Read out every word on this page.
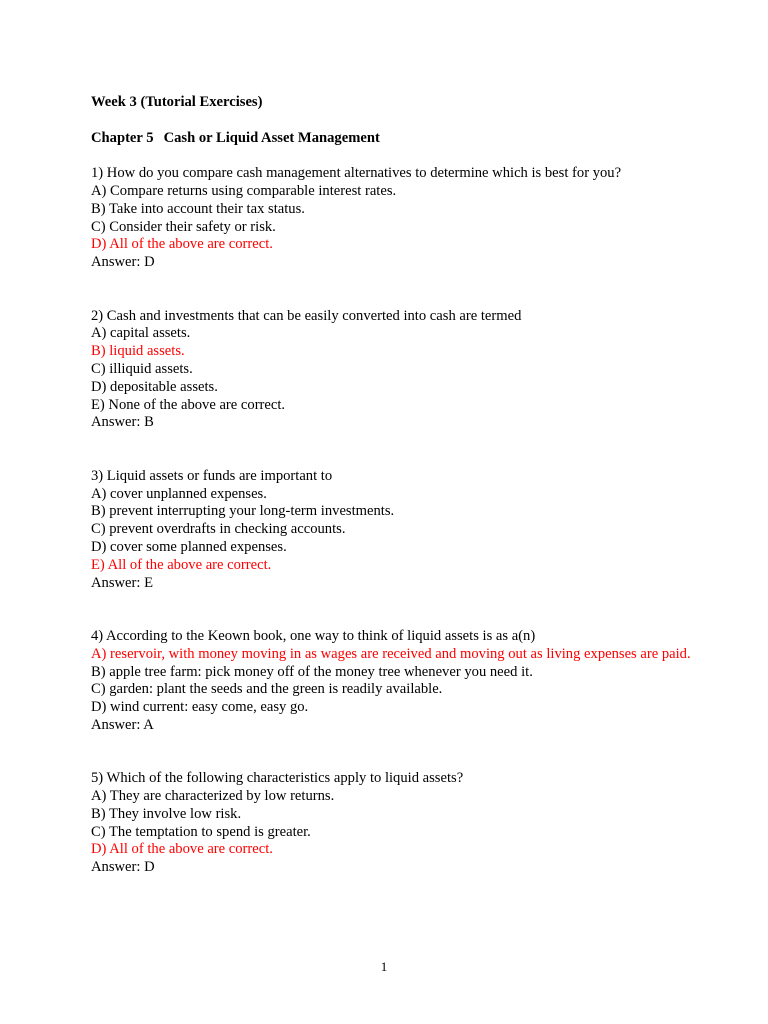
Week 3 (Tutorial Exercises)
Chapter 5 Cash or Liquid Asset Management
1) How do you compare cash management alternatives to determine which is best for you?
A) Compare returns using comparable interest rates.
B) Take into account their tax status.
C) Consider their safety or risk.
D) All of the above are correct.
Answer: D
2) Cash and investments that can be easily converted into cash are termed
A) capital assets.
B) liquid assets.
C) illiquid assets.
D) depositable assets.
E) None of the above are correct.
Answer: B
3) Liquid assets or funds are important to
A) cover unplanned expenses.
B) prevent interrupting your long-term investments.
C) prevent overdrafts in checking accounts.
D) cover some planned expenses.
E) All of the above are correct.
Answer: E
4) According to the Keown book, one way to think of liquid assets is as a(n)
A) reservoir, with money moving in as wages are received and moving out as living expenses are paid.
B) apple tree farm: pick money off of the money tree whenever you need it.
C) garden: plant the seeds and the green is readily available.
D) wind current: easy come, easy go.
Answer: A
5) Which of the following characteristics apply to liquid assets?
A) They are characterized by low returns.
B) They involve low risk.
C) The temptation to spend is greater.
D) All of the above are correct.
Answer: D
1
